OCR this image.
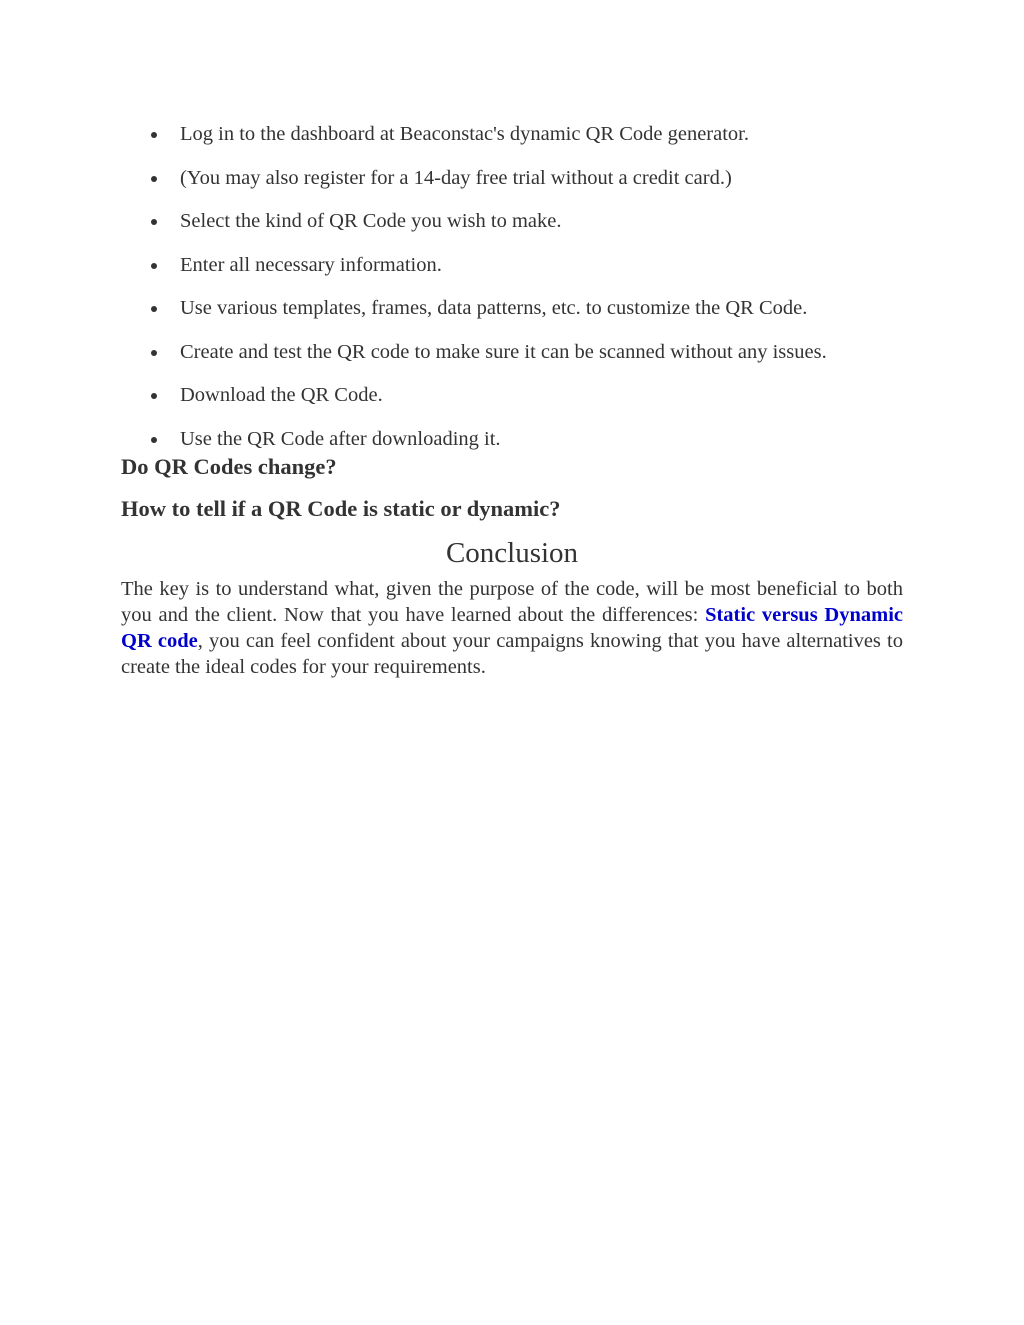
Log in to the dashboard at Beaconstac's dynamic QR Code generator.
(You may also register for a 14-day free trial without a credit card.)
Select the kind of QR Code you wish to make.
Enter all necessary information.
Use various templates, frames, data patterns, etc. to customize the QR Code.
Create and test the QR code to make sure it can be scanned without any issues.
Download the QR Code.
Use the QR Code after downloading it.
Do QR Codes change?
How to tell if a QR Code is static or dynamic?
Conclusion

The key is to understand what, given the purpose of the code, will be most beneficial to both you and the client. Now that you have learned about the differences: Static versus Dynamic QR code, you can feel confident about your campaigns knowing that you have alternatives to create the ideal codes for your requirements.
